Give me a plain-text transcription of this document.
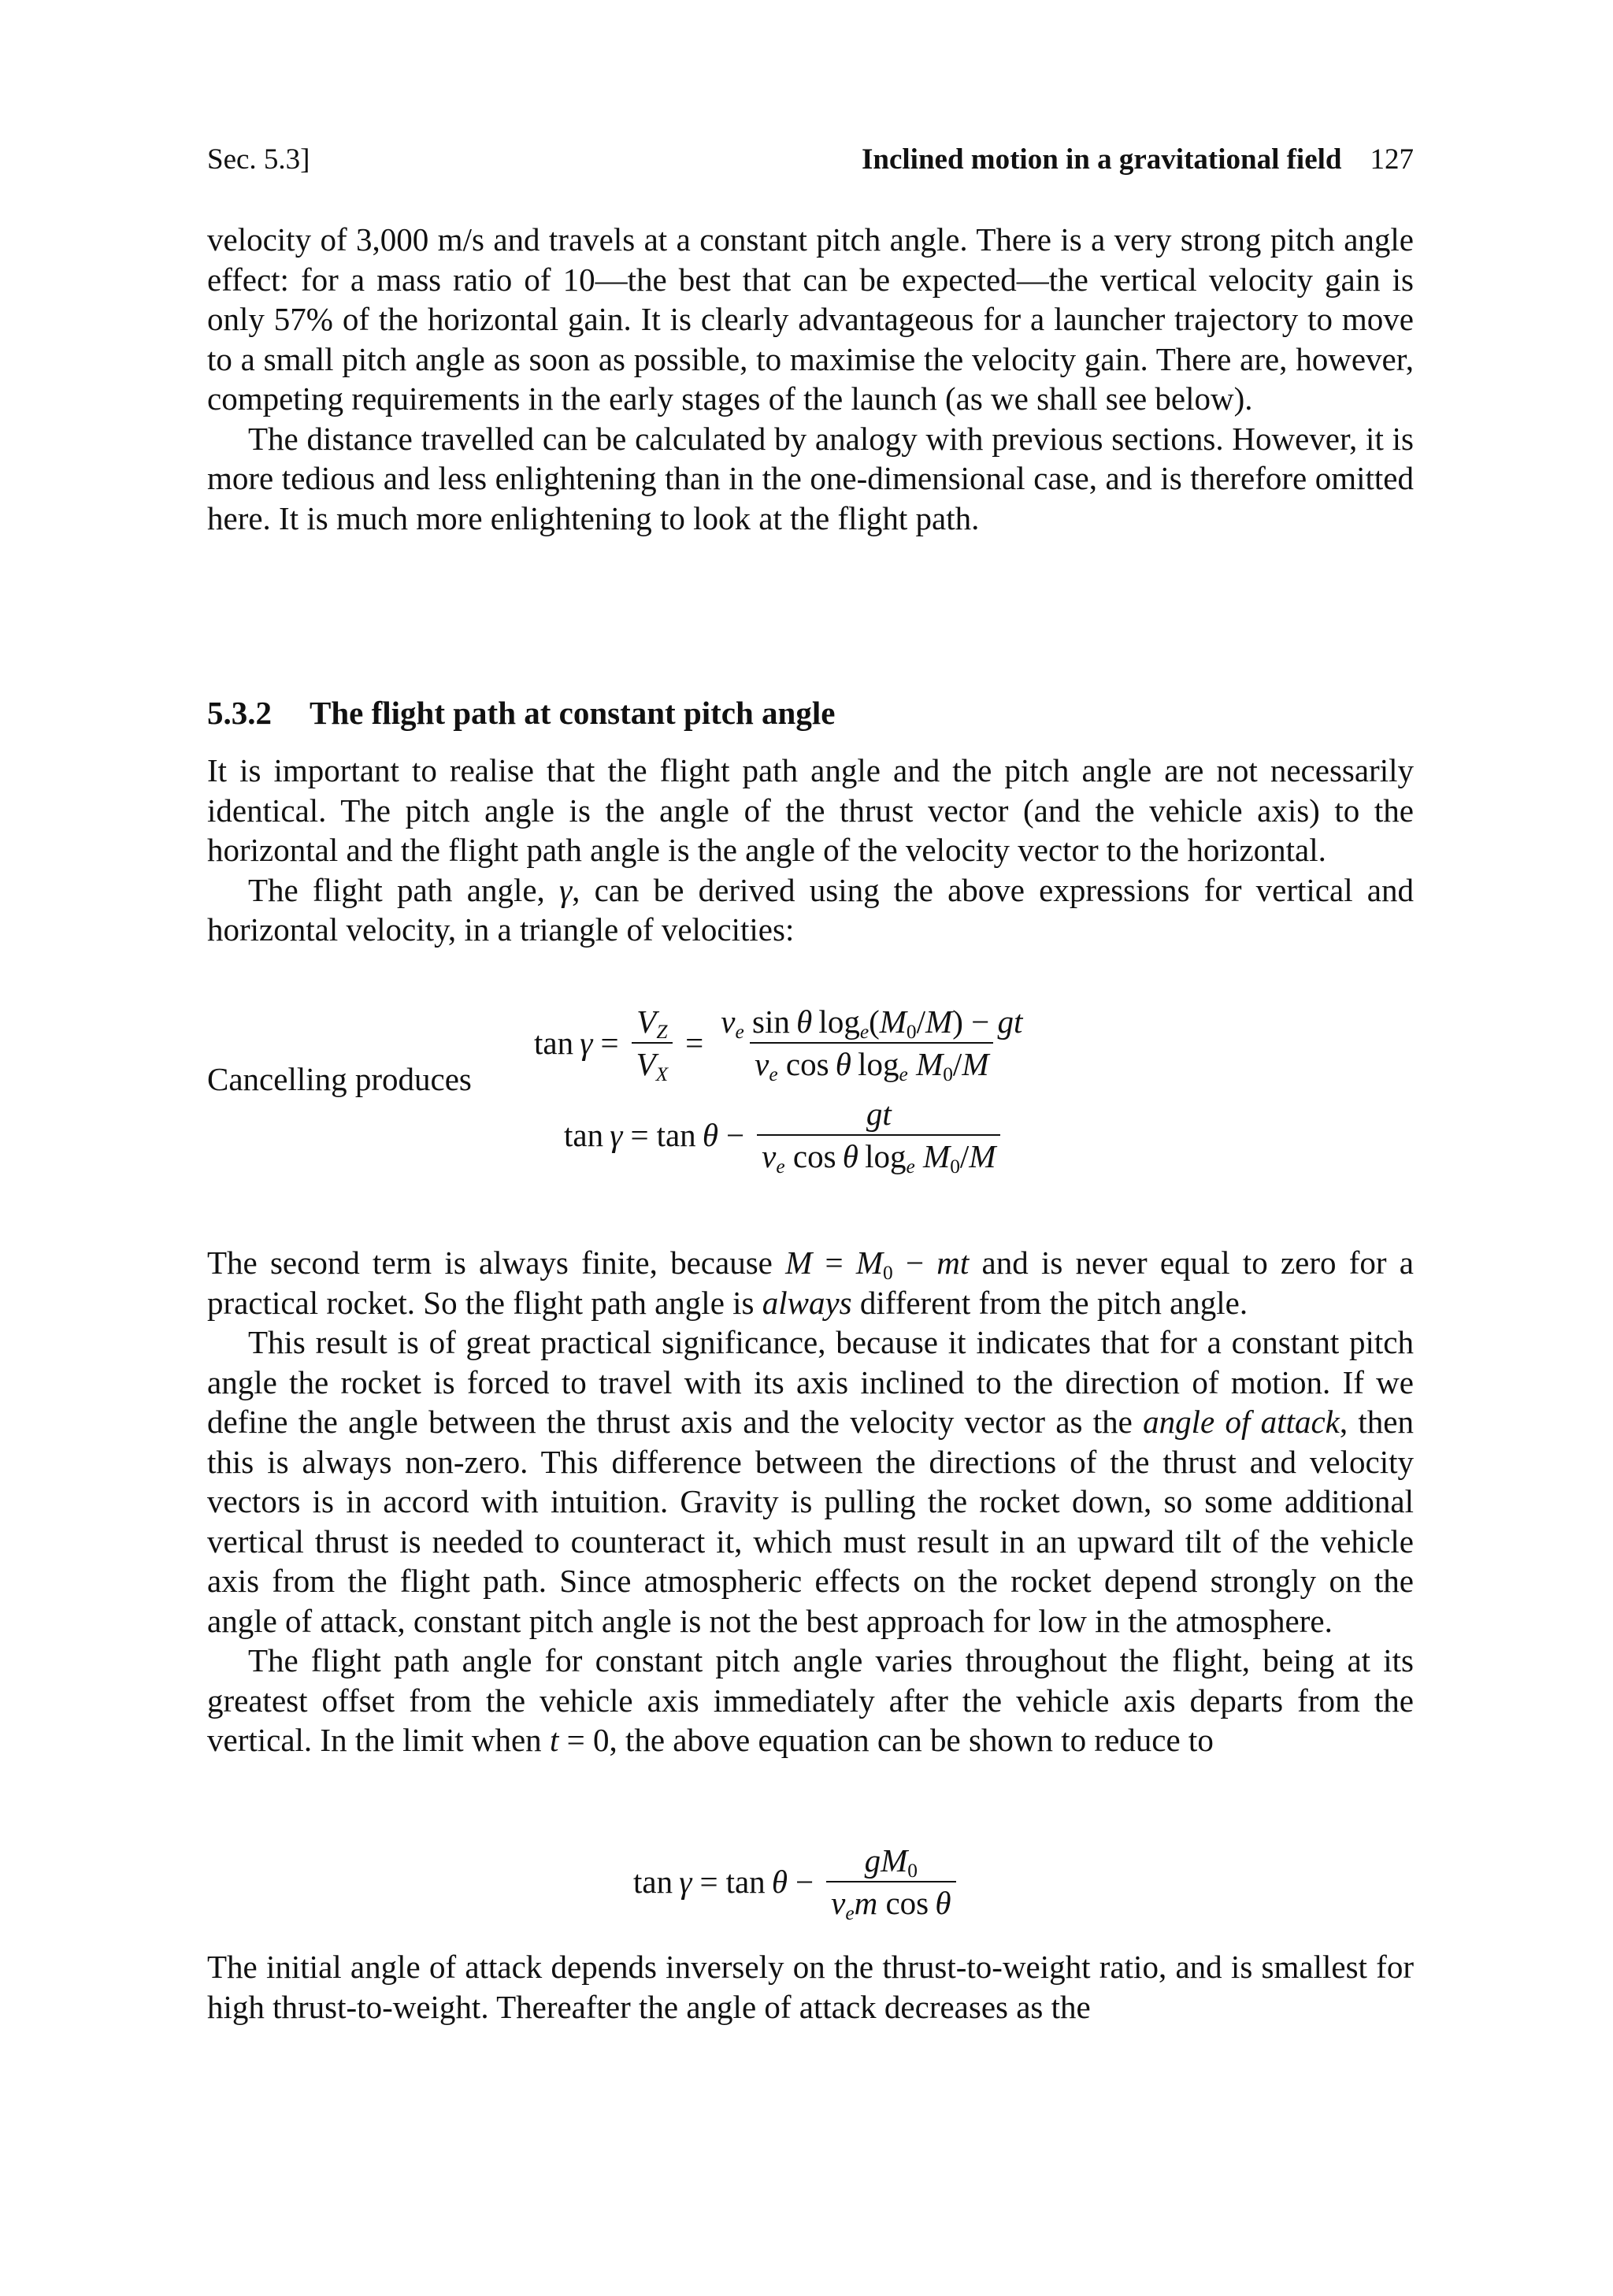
Sec. 5.3]	Inclined motion in a gravitational field 127

velocity of 3,000 m/s and travels at a constant pitch angle. There is a very strong pitch angle effect: for a mass ratio of 10—the best that can be expected—the vertical velocity gain is only 57% of the horizontal gain. It is clearly advantageous for a launcher trajectory to move to a small pitch angle as soon as possible, to maximise the velocity gain. There are, however, competing requirements in the early stages of the launch (as we shall see below).

The distance travelled can be calculated by analogy with previous sections. However, it is more tedious and less enlightening than in the one-dimensional case, and is therefore omitted here. It is much more enlightening to look at the flight path.

5.3.2 The flight path at constant pitch angle

It is important to realise that the flight path angle and the pitch angle are not necessarily identical. The pitch angle is the angle of the thrust vector (and the vehicle axis) to the horizontal and the flight path angle is the angle of the velocity vector to the horizontal.

The flight path angle, γ, can be derived using the above expressions for vertical and horizontal velocity, in a triangle of velocities:

$\tan \gamma = \frac{V_Z}{V_X} = \frac{v_e \sin \theta \log_e(M_0/M) - gt}{v_e \cos \theta \log_e M_0/M}$
Cancelling produces
$\tan \gamma = \tan \theta - \frac{gt}{v_e \cos \theta \log_e M_0/M}$

The second term is always finite, because $M = M_0$ − mt and is never equal to zero for a practical rocket. So the flight path angle is always different from the pitch angle.

This result is of great practical significance, because it indicates that for a constant pitch angle the rocket is forced to travel with its axis inclined to the direction of motion. If we define the angle between the thrust axis and the velocity vector as the angle of attack, then this is always non-zero. This difference between the directions of the thrust and velocity vectors is in accord with intuition. Gravity is pulling the rocket down, so some additional vertical thrust is needed to counteract it, which must result in an upward tilt of the vehicle axis from the flight path. Since atmospheric effects on the rocket depend strongly on the angle of attack, constant pitch angle is not the best approach for low in the atmosphere.

The flight path angle for constant pitch angle varies throughout the flight, being at its greatest offset from the vehicle axis immediately after the vehicle axis departs from the vertical. In the limit when t = 0, the above equation can be shown to reduce to

$\tan \gamma = \tan \theta - \frac{gM_0}{v_em \cos \theta}$

The initial angle of attack depends inversely on the thrust-to-weight ratio, and is smallest for high thrust-to-weight. Thereafter the angle of attack decreases as the
